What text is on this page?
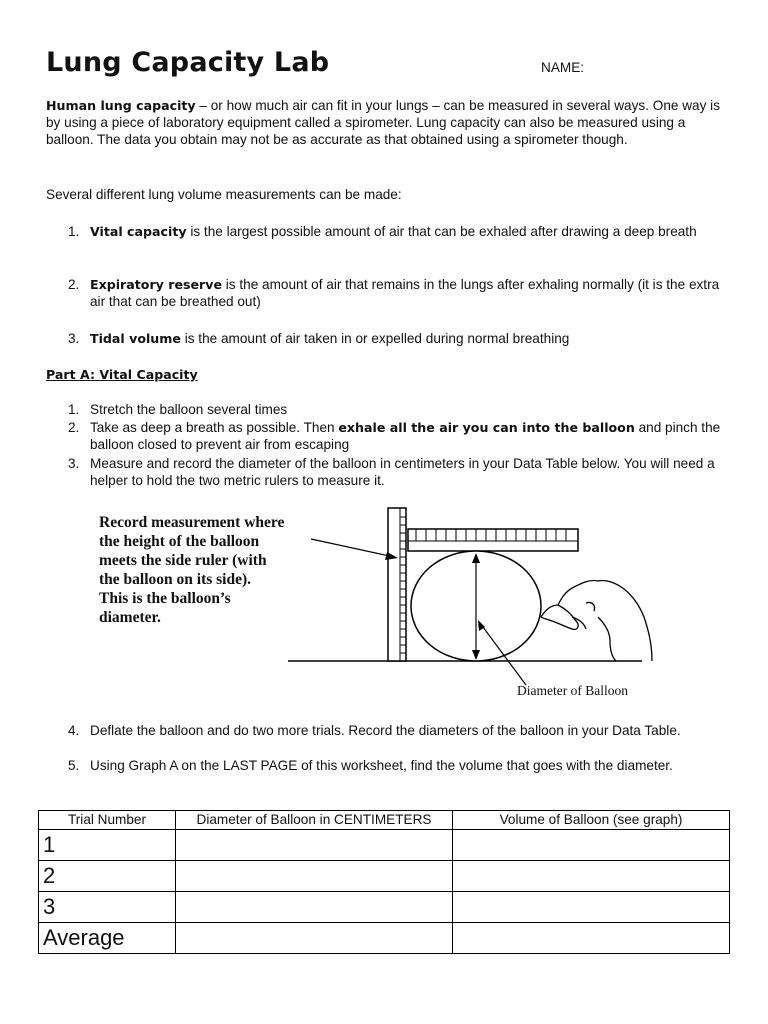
Lung Capacity Lab	NAME:
Human lung capacity – or how much air can fit in your lungs – can be measured in several ways. One way is by using a piece of laboratory equipment called a spirometer. Lung capacity can also be measured using a balloon. The data you obtain may not be as accurate as that obtained using a spirometer though.
Several different lung volume measurements can be made:
1. Vital capacity is the largest possible amount of air that can be exhaled after drawing a deep breath
2. Expiratory reserve is the amount of air that remains in the lungs after exhaling normally (it is the extra air that can be breathed out)
3. Tidal volume is the amount of air taken in or expelled during normal breathing
Part A: Vital Capacity
1. Stretch the balloon several times
2. Take as deep a breath as possible. Then exhale all the air you can into the balloon and pinch the balloon closed to prevent air from escaping
3. Measure and record the diameter of the balloon in centimeters in your Data Table below. You will need a helper to hold the two metric rulers to measure it.
Record measurement where
the height of the balloon
meets the side ruler (with
the balloon on its side).
This is the balloon’s
diameter.
Diameter of Balloon
4. Deflate the balloon and do two more trials. Record the diameters of the balloon in your Data Table.
5. Using Graph A on the LAST PAGE of this worksheet, find the volume that goes with the diameter.
Trial Number	Diameter of Balloon in CENTIMETERS	Volume of Balloon (see graph)
1		
2		
3		
Average		
